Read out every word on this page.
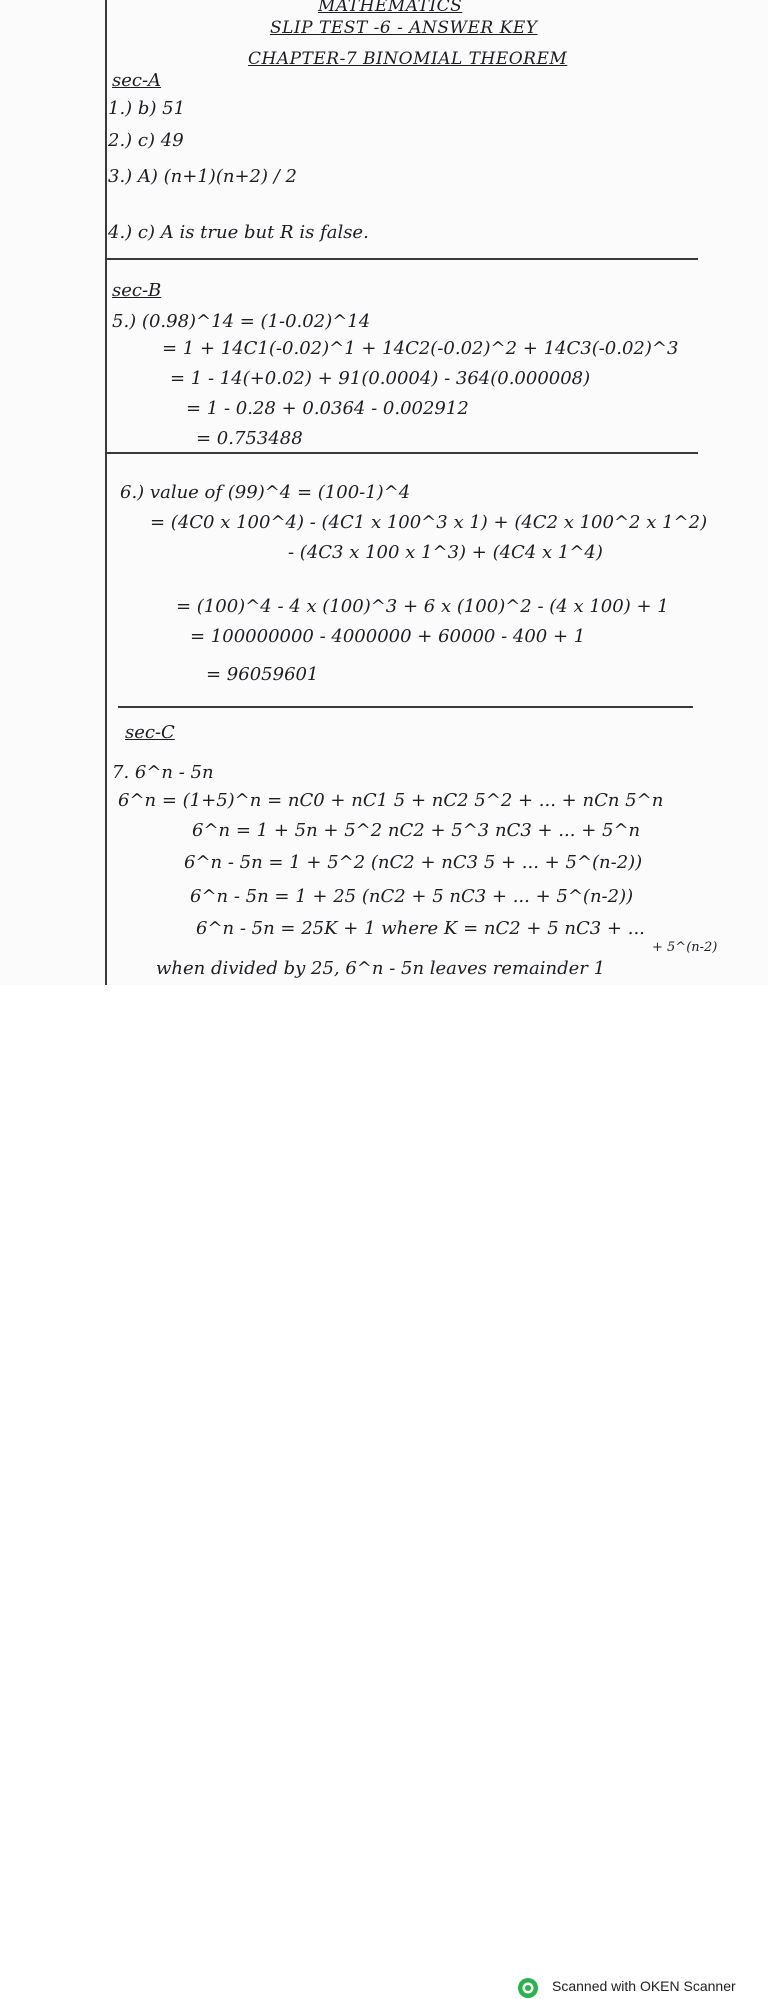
MATHEMATICS
SLIP TEST -6 - ANSWER KEY
CHAPTER-7 BINOMIAL THEOREM
sec-A
1.) b) 51
2.) c) 49
3.) A) (n+1)(n+2) / 2
4.) c) A is true but R is false.
sec-B
5.) (0.98)^14 = (1-0.02)^14
= 1 + 14C1(-0.02)^1 + 14C2(-0.02)^2 + 14C3(-0.02)^3
= 1 - 14(+0.02) + 91(0.0004) - 364(0.000008)
= 1 - 0.28 + 0.0364 - 0.002912
= 0.753488
6.) value of (99)^4 = (100-1)^4
= (4C0 x 100^4) - (4C1 x 100^3 x 1) + (4C2 x 100^2 x 1^2)
- (4C3 x 100 x 1^3) + (4C4 x 1^4)
= (100)^4 - 4 x (100)^3 + 6 x (100)^2 - (4 x 100) + 1
= 100000000 - 4000000 + 60000 - 400 + 1
= 96059601
sec-C
7. 6^n - 5n
6^n = (1+5)^n = nC0 + nC1 5 + nC2 5^2 + ... + nCn 5^n
6^n = 1 + 5n + 5^2 nC2 + 5^3 nC3 + ... + 5^n
6^n - 5n = 1 + 5^2 (nC2 + nC3 5 + ... + 5^(n-2))
6^n - 5n = 1 + 25 (nC2 + 5 nC3 + ... + 5^(n-2))
6^n - 5n = 25K + 1 where K = nC2 + 5 nC3 + ...
+ 5^(n-2)
when divided by 25, 6^n - 5n leaves remainder 1
Scanned with OKEN Scanner
